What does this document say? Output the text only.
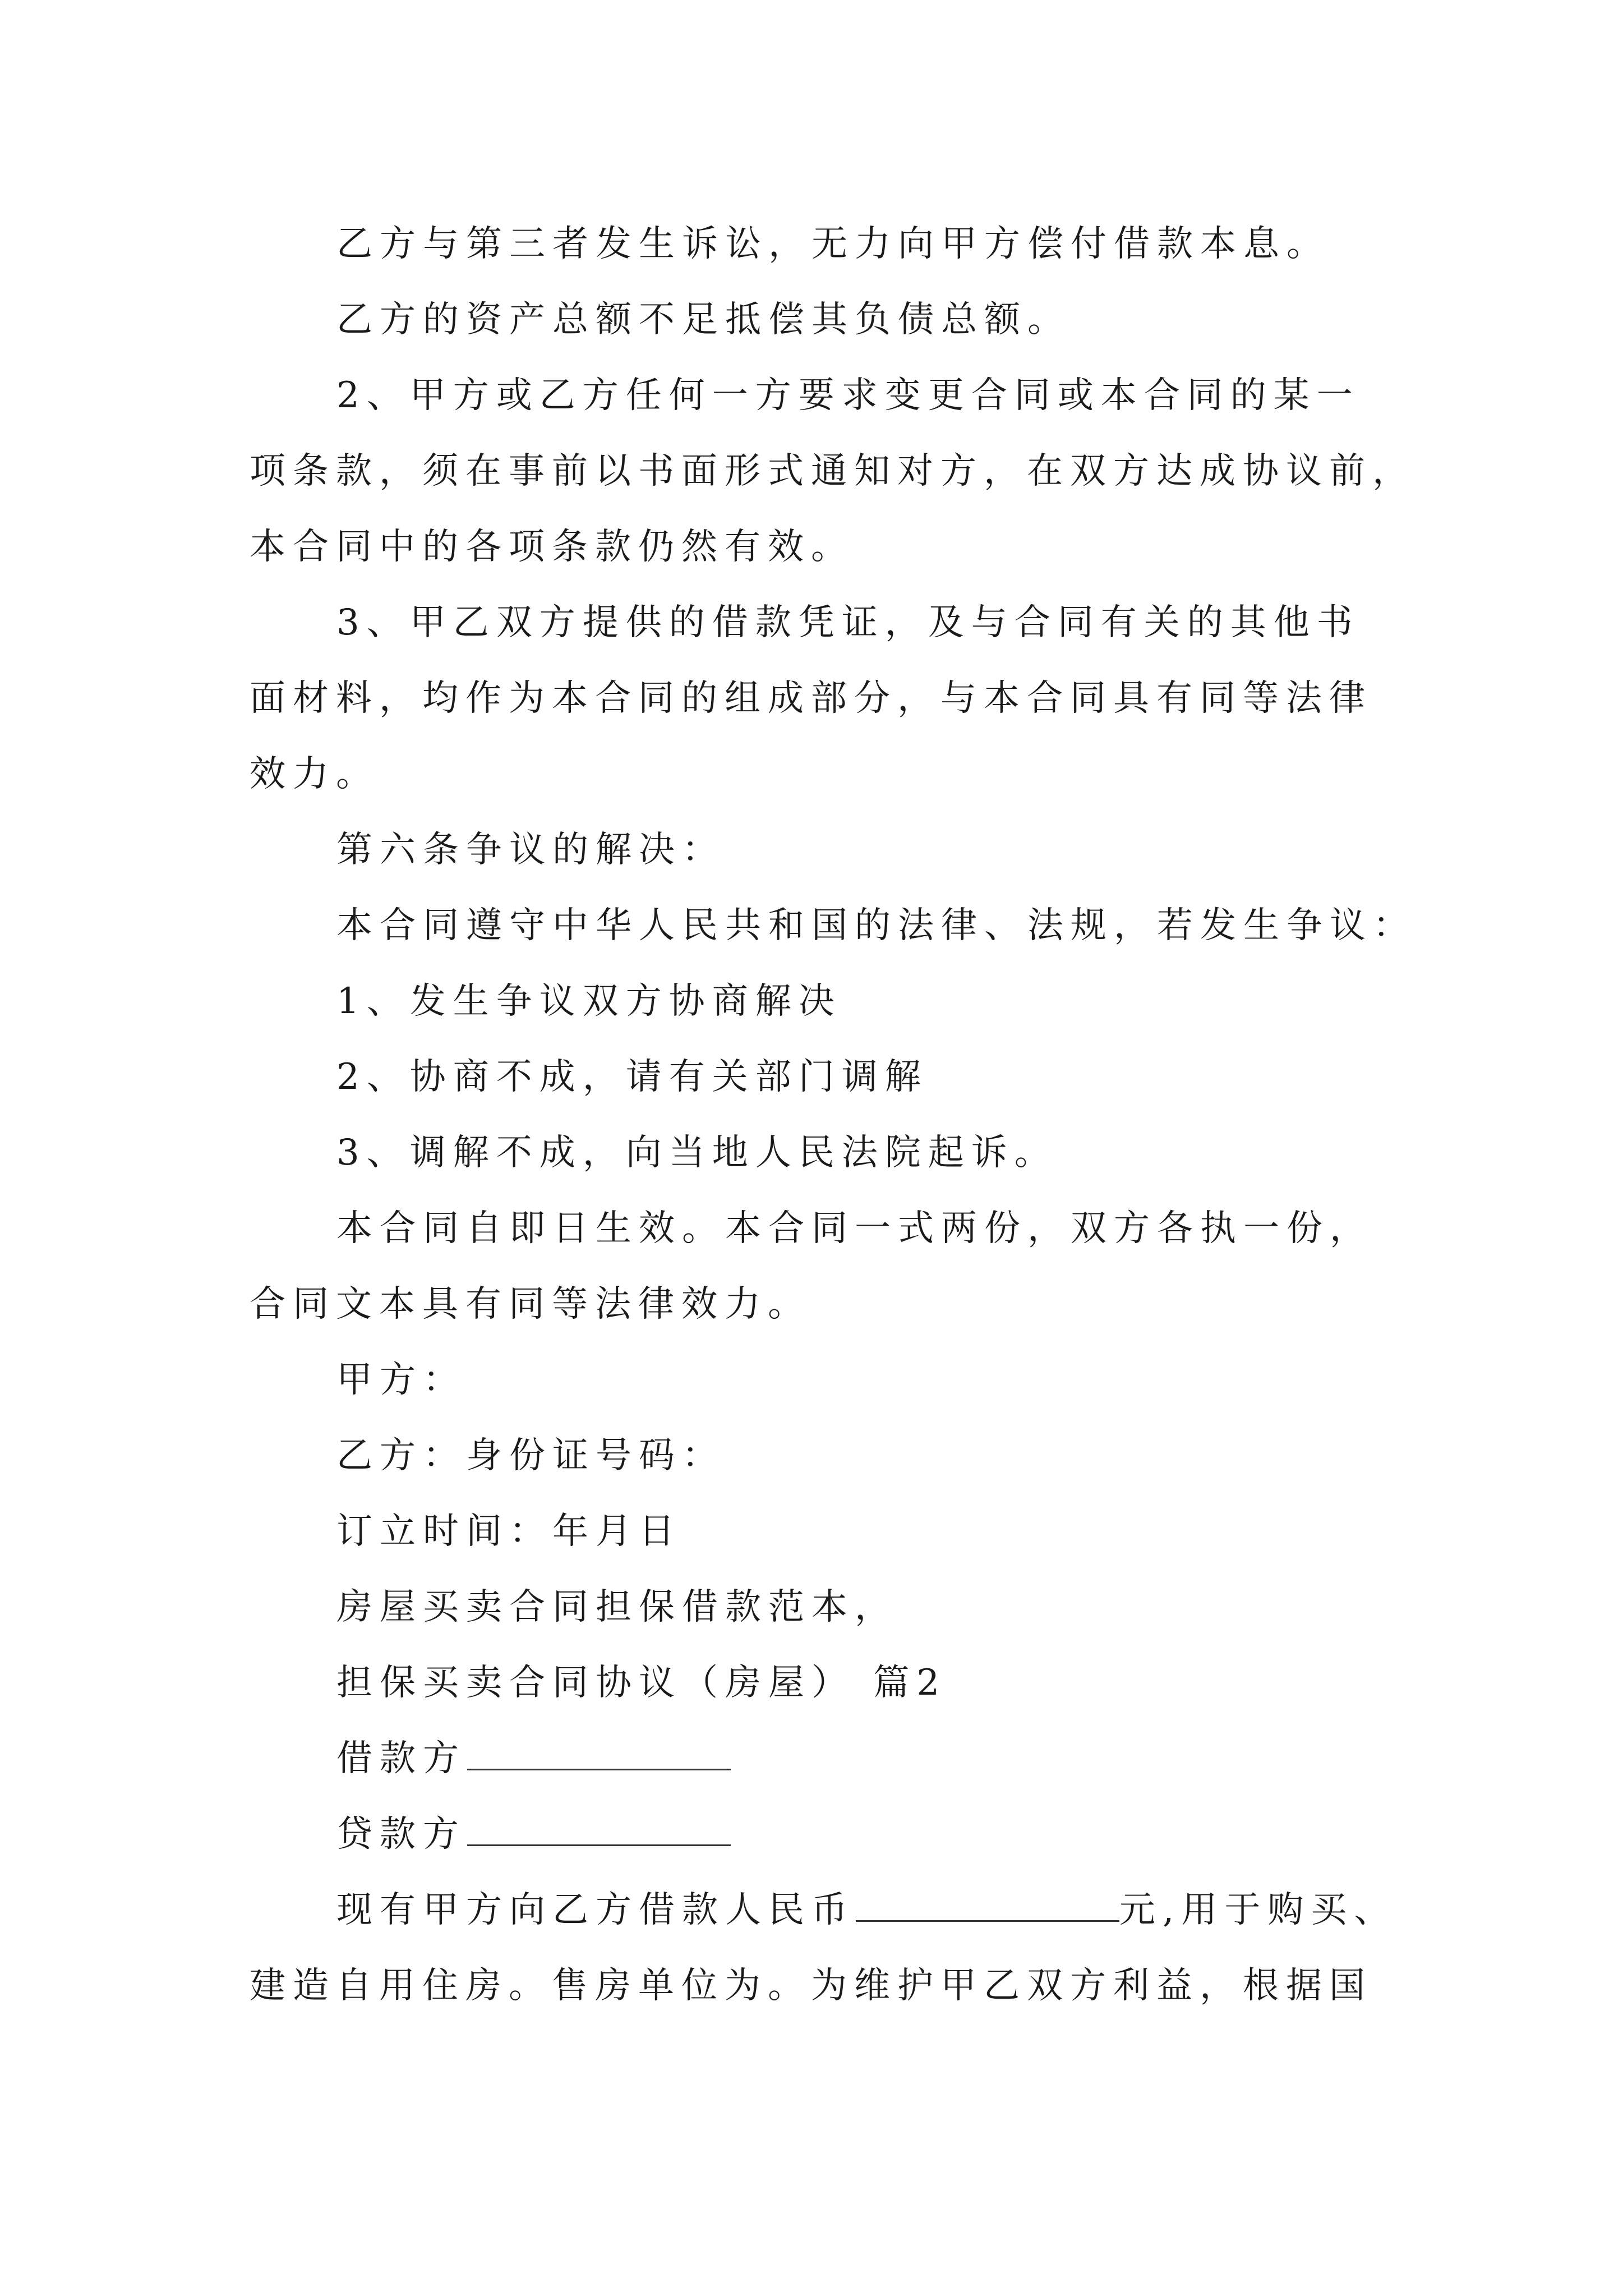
乙方与第三者发生诉讼，无力向甲方偿付借款本息。
乙方的资产总额不足抵偿其负债总额。
2、甲方或乙方任何一方要求变更合同或本合同的某一
项条款，须在事前以书面形式通知对方，在双方达成协议前，
本合同中的各项条款仍然有效。
3、甲乙双方提供的借款凭证，及与合同有关的其他书
面材料，均作为本合同的组成部分，与本合同具有同等法律
效力。
第六条争议的解决：
本合同遵守中华人民共和国的法律、法规，若发生争议：
1、发生争议双方协商解决
2、协商不成，请有关部门调解
3、调解不成，向当地人民法院起诉。
本合同自即日生效。本合同一式两份，双方各执一份，
合同文本具有同等法律效力。
甲方：
乙方：身份证号码：
订立时间：年月日
房屋买卖合同担保借款范本，
担保买卖合同协议（房屋） 篇2
借款方
贷款方
现有甲方向乙方借款人民币	元,用于购买、
建造自用住房。售房单位为。为维护甲乙双方利益，根据国
